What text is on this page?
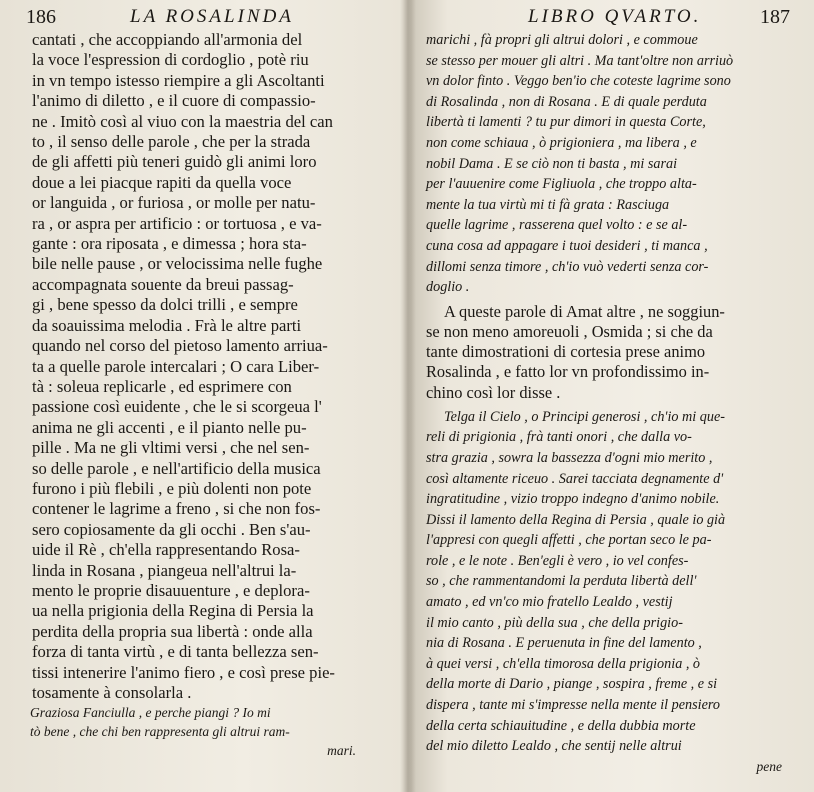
186	LA ROSALINDA
cantati , che accoppiando all'armonia del
la voce l'espression di cordoglio , potè riu
in vn tempo istesso riempire a gli Ascoltanti
l'animo di diletto , e il cuore di compassio-
ne . Imitò così al viuo con la maestria del can
to , il senso delle parole , che per la strada
de gli affetti più teneri guidò gli animi loro
doue a lei piacque rapiti da quella voce
or languida , or furiosa , or molle per natu-
ra , or aspra per artificio : or tortuosa , e va-
gante : ora riposata , e dimessa ; hora sta-
bile nelle pause , or velocissima nelle fughe
accompagnata souente da breui passag-
gi , bene spesso da dolci trilli , e sempre
da soauissima melodia . Frà le altre parti
quando nel corso del pietoso lamento arriua-
ta a quelle parole intercalari ; O cara Liber-
tà : soleua replicarle , ed esprimere con
passione così euidente , che le si scorgeua l'
anima ne gli accenti , e il pianto nelle pu-
pille . Ma ne gli vltimi versi , che nel sen-
so delle parole , e nell'artificio della musica
furono i più flebili , e più dolenti non pote
contener le lagrime a freno , si che non fos-
sero copiosamente da gli occhi . Ben s'au-
uide il Rè , ch'ella rappresentando Rosa-
linda in Rosana , piangeua nell'altrui la-
mento le proprie disauuenture , e deplora-
ua nella prigionia della Regina di Persia la
perdita della propria sua libertà : onde alla
forza di tanta virtù , e di tanta bellezza sen-
tissi intenerire l'animo fiero , e così prese pie-
tosamente à consolarla .
Graziosa Fanciulla , e perche piangi ? Io mi
tò bene , che chi ben rappresenta gli altrui ram-
mari.
LIBRO QVARTO.	187
marichi , fà propri gli altrui dolori , e commoue
se stesso per mouer gli altri . Ma tant'oltre non arriuò
vn dolor finto . Veggo ben'io che coteste lagrime sono
di Rosalinda , non di Rosana . E di quale perduta
libertà ti lamenti ? tu pur dimori in questa Corte,
non come schiaua , ò prigioniera , ma libera , e
nobil Dama . E se ciò non ti basta , mi sarai
per l'auuenire come Figliuola , che troppo alta-
mente la tua virtù mi ti fà grata : Rasciuga
quelle lagrime , rasserena quel volto : e se al-
cuna cosa ad appagare i tuoi desideri , ti manca ,
dillomi senza timore , ch'io vuò vederti senza cor-
doglio .
A queste parole di Amat altre , ne soggiun-
se non meno amoreuoli , Osmida ; si che da
tante dimostrationi di cortesia prese animo
Rosalinda , e fatto lor vn profondissimo in-
chino così lor disse .
Telga il Cielo , o Principi generosi , ch'io mi que-
reli di prigionia , frà tanti onori , che dalla vo-
stra grazia , sowra la bassezza d'ogni mio merito ,
così altamente riceuo . Sarei tacciata degnamente d'
ingratitudine , vizio troppo indegno d'animo nobile.
Dissi il lamento della Regina di Persia , quale io già
l'appresi con quegli affetti , che portan seco le pa-
role , e le note . Ben'egli è vero , io vel confes-
so , che rammentandomi la perduta libertà dell'
amato , ed vn'co mio fratello Lealdo , vestij
il mio canto , più della sua , che della prigio-
nia di Rosana . E peruenuta in fine del lamento ,
à quei versi , ch'ella timorosa della prigionia , ò
della morte di Dario , piange , sospira , freme , e si
dispera , tante mi s'impresse nella mente il pensiero
della certa schiauitudine , e della dubbia morte
del mio diletto Lealdo , che sentij nelle altrui
pene
